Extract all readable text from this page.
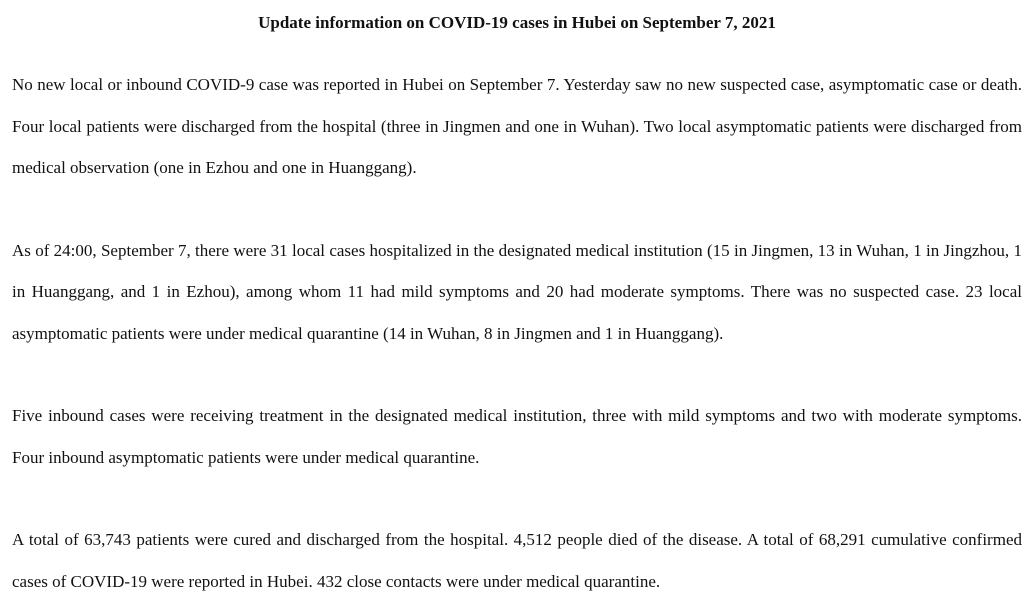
Update information on COVID-19 cases in Hubei on September 7, 2021

No new local or inbound COVID-9 case was reported in Hubei on September 7. Yesterday saw no new suspected case, asymptomatic case or death. Four local patients were discharged from the hospital (three in Jingmen and one in Wuhan). Two local asymptomatic patients were discharged from medical observation (one in Ezhou and one in Huanggang).

As of 24:00, September 7, there were 31 local cases hospitalized in the designated medical institution (15 in Jingmen, 13 in Wuhan, 1 in Jingzhou, 1 in Huanggang, and 1 in Ezhou), among whom 11 had mild symptoms and 20 had moderate symptoms. There was no suspected case. 23 local asymptomatic patients were under medical quarantine (14 in Wuhan, 8 in Jingmen and 1 in Huanggang).

Five inbound cases were receiving treatment in the designated medical institution, three with mild symptoms and two with moderate symptoms. Four inbound asymptomatic patients were under medical quarantine.

A total of 63,743 patients were cured and discharged from the hospital. 4,512 people died of the disease. A total of 68,291 cumulative confirmed cases of COVID-19 were reported in Hubei. 432 close contacts were under medical quarantine.
